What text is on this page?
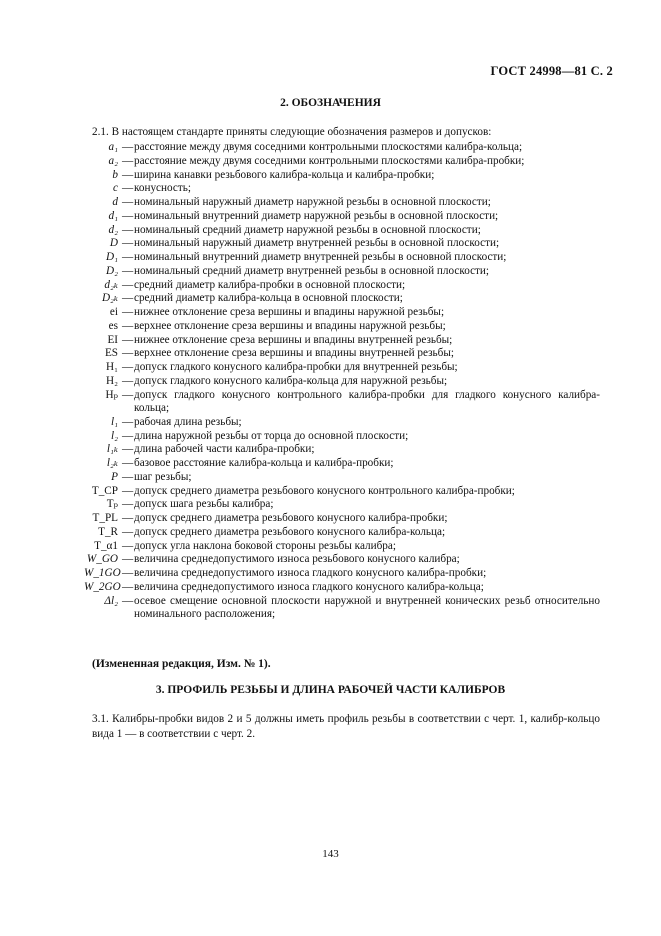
ГОСТ 24998—81 С. 2
2. ОБОЗНАЧЕНИЯ
2.1. В настоящем стандарте приняты следующие обозначения размеров и допусков:
a₁ — расстояние между двумя соседними контрольными плоскостями калибра-кольца;
a₂ — расстояние между двумя соседними контрольными плоскостями калибра-пробки;
b — ширина канавки резьбового калибра-кольца и калибра-пробки;
c — конусность;
d — номинальный наружный диаметр наружной резьбы в основной плоскости;
d₁ — номинальный внутренний диаметр наружной резьбы в основной плоскости;
d₂ — номинальный средний диаметр наружной резьбы в основной плоскости;
D — номинальный наружный диаметр внутренней резьбы в основной плоскости;
D₁ — номинальный внутренний диаметр внутренней резьбы в основной плоскости;
D₂ — номинальный средний диаметр внутренней резьбы в основной плоскости;
d₂ₖ — средний диаметр калибра-пробки в основной плоскости;
D₂ₖ — средний диаметр калибра-кольца в основной плоскости;
ei — нижнее отклонение среза вершины и впадины наружной резьбы;
es — верхнее отклонение среза вершины и впадины наружной резьбы;
EI — нижнее отклонение среза вершины и впадины внутренней резьбы;
ES — верхнее отклонение среза вершины и впадины внутренней резьбы;
H₁ — допуск гладкого конусного калибра-пробки для внутренней резьбы;
H₂ — допуск гладкого конусного калибра-кольца для наружной резьбы;
Hₚ — допуск гладкого конусного контрольного калибра-пробки для гладкого конусного калибра-кольца;
l₁ — рабочая длина резьбы;
l₂ — длина наружной резьбы от торца до основной плоскости;
l₁ₖ — длина рабочей части калибра-пробки;
l₂ₖ — базовое расстояние калибра-кольца и калибра-пробки;
P — шаг резьбы;
T_CP — допуск среднего диаметра резьбового конусного контрольного калибра-пробки;
Tₚ — допуск шага резьбы калибра;
T_PL — допуск среднего диаметра резьбового конусного калибра-пробки;
T_R — допуск среднего диаметра резьбового конусного калибра-кольца;
T_α1 — допуск угла наклона боковой стороны резьбы калибра;
W_GO — величина среднедопустимого износа резьбового конусного калибра;
W_1GO — величина среднедопустимого износа гладкого конусного калибра-пробки;
W_2GO — величина среднедопустимого износа гладкого конусного калибра-кольца;
Δl₂ — осевое смещение основной плоскости наружной и внутренней конических резьб относительно номинального расположения;
(Измененная редакция, Изм. № 1).
3. ПРОФИЛЬ РЕЗЬБЫ И ДЛИНА РАБОЧЕЙ ЧАСТИ КАЛИБРОВ
3.1. Калибры-пробки видов 2 и 5 должны иметь профиль резьбы в соответствии с черт. 1, калибр-кольцо вида 1 — в соответствии с черт. 2.
143
